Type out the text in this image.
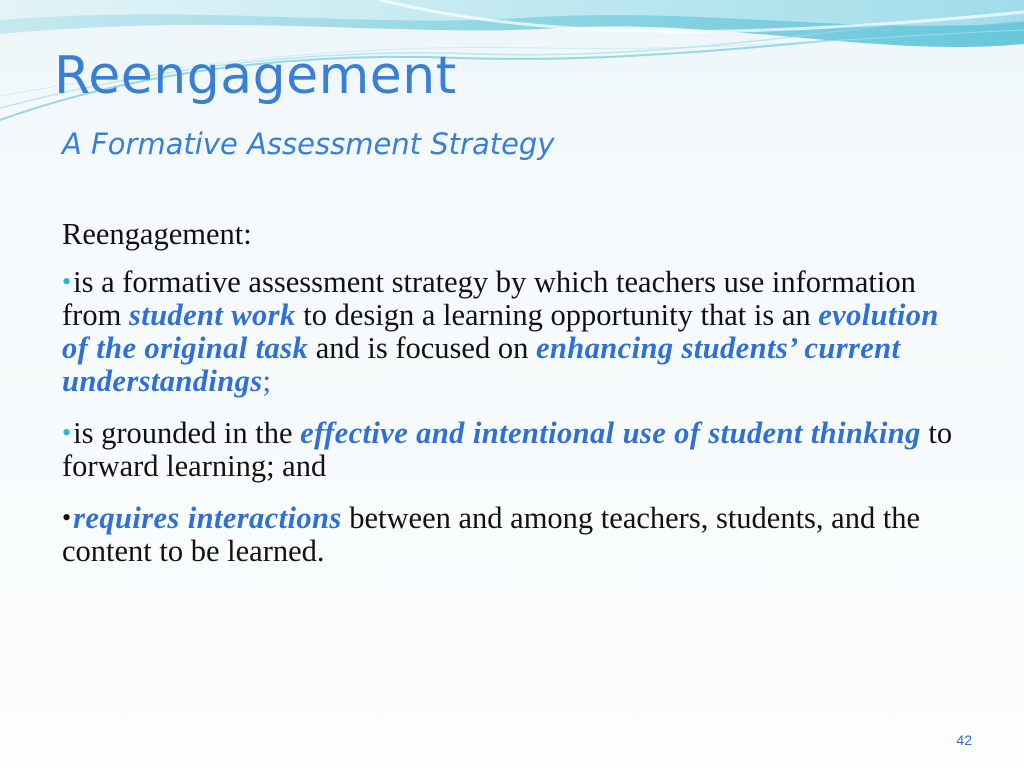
Reengagement
A Formative Assessment Strategy

Reengagement:

•is a formative assessment strategy by which teachers use information from student work to design a learning opportunity that is an evolution of the original task and is focused on enhancing students’ current understandings;

•is grounded in the effective and intentional use of student thinking to forward learning; and

•requires interactions between and among teachers, students, and the content to be learned.

42
